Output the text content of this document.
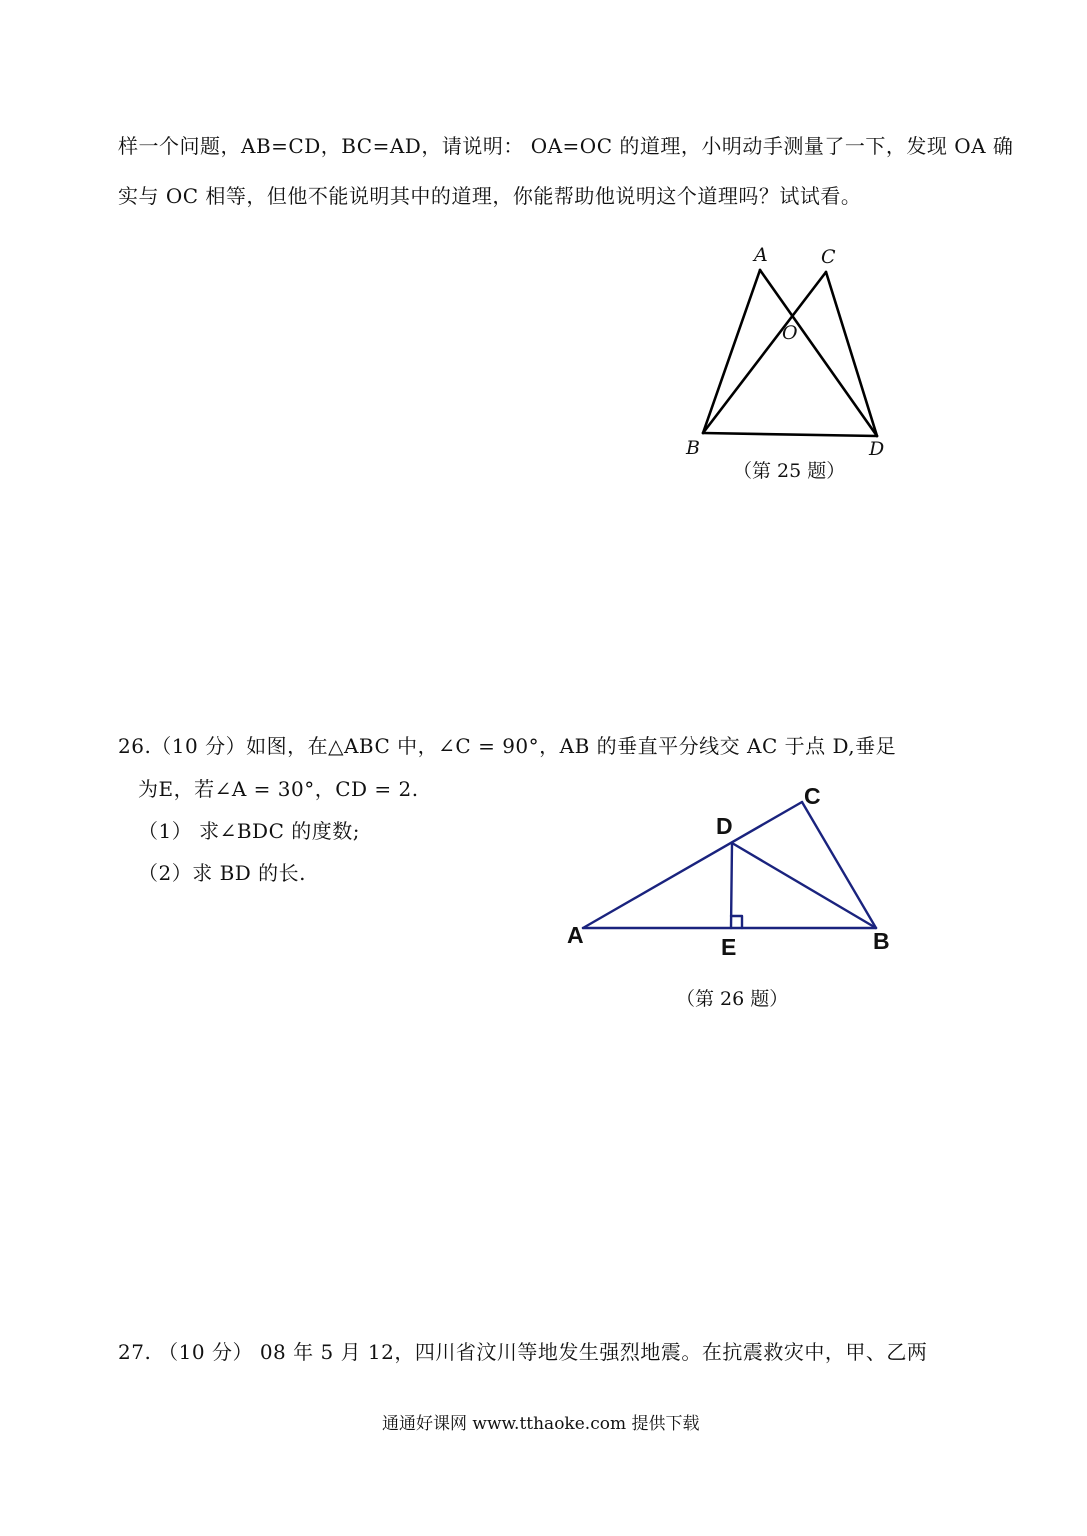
样一个问题，AB=CD，BC=AD，请说明： OA=OC 的道理，小明动手测量了一下，发现 OA 确
实与 OC 相等，但他不能说明其中的道理，你能帮助他说明这个道理吗？试试看。
A	C
O
B	D
（第 25 题）
26.（10 分）如图，在△ABC 中，∠C = 90°，AB 的垂直平分线交 AC 于点 D,垂足
为E，若∠A = 30°，CD = 2.
（1） 求∠BDC 的度数;
（2）求 BD 的长.
A	B
C
D
E
（第 26 题）
27. （10 分） 08 年 5 月 12，四川省汶川等地发生强烈地震。在抗震救灾中，甲、乙两
通通好课网 www.tthaoke.com 提供下载
